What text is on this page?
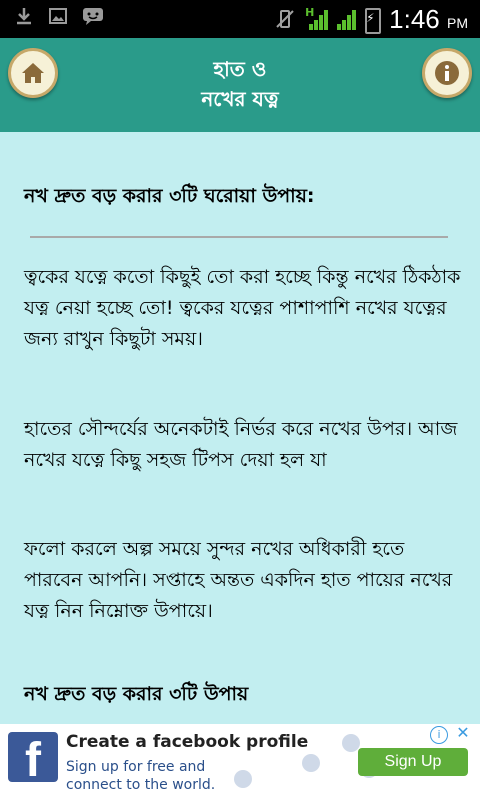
H
⚡	1:46 PM
হাত ও
নখের যত্ন
নখ দ্রুত বড় করার ৩টি ঘরোয়া উপায়:
ত্বকের যত্নে কতো কিছুই তো করা হচ্ছে কিন্তু নখের ঠিকঠাক যত্ন নেয়া হচ্ছে তো! ত্বকের যত্নের পাশাপাশি নখের যত্নের জন্য রাখুন কিছুটা সময়।
হাতের সৌন্দর্যের অনেকটাই নির্ভর করে নখের উপর। আজ নখের যত্নে কিছু সহজ টিপস দেয়া হল যা
ফলো করলে অল্প সময়ে সুন্দর নখের অধিকারী হতে পারবেন আপনি। সপ্তাহে অন্তত একদিন হাত পায়ের নখের যত্ন নিন নিম্নোক্ত উপায়ে।
নখ দ্রুত বড় করার ৩টি উপায়
f	Create a facebook profile
Sign up for free and connect to the world.
i ✕
Sign Up
